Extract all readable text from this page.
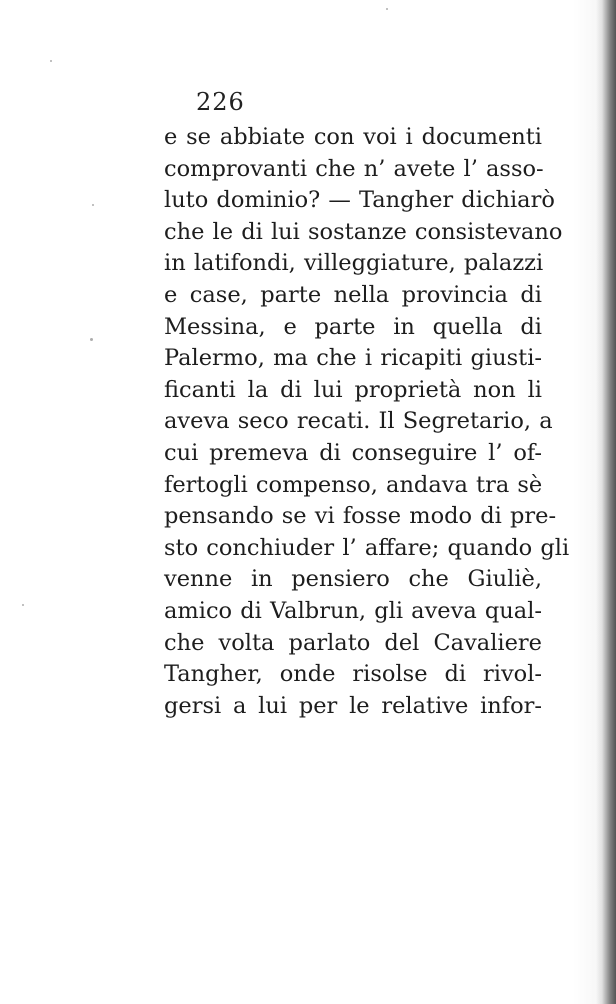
226

e se abbiate con voi i documenti
comprovanti che n’ avete l’ asso-
luto dominio? — Tangher dichiarò
che le di lui sostanze consistevano
in latifondi, villeggiature, palazzi
e case, parte nella provincia di
Messina, e parte in quella di
Palermo, ma che i ricapiti giusti-
ficanti la di lui proprietà non li
aveva seco recati. Il Segretario, a
cui premeva di conseguire l’ of-
fertogli compenso, andava tra sè
pensando se vi fosse modo di pre-
sto conchiuder l’ affare; quando gli
venne in pensiero che Giuliè,
amico di Valbrun, gli aveva qual-
che volta parlato del Cavaliere
Tangher, onde risolse di rivol-
gersi a lui per le relative infor-
